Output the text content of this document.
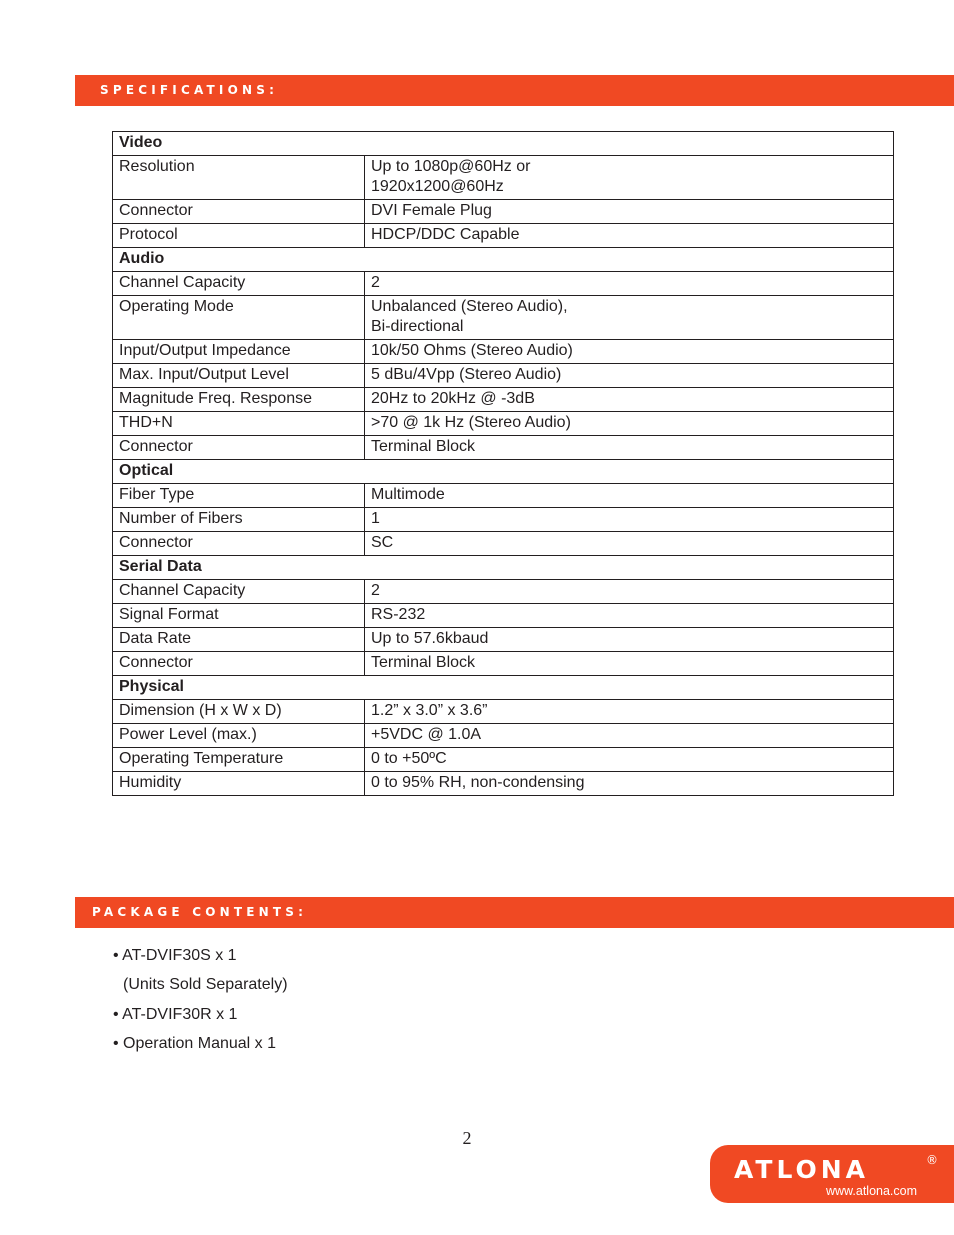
SPECIFICATIONS:
Video	
Resolution	Up to 1080p@60Hz or
1920x1200@60Hz
Connector	DVI Female Plug
Protocol	HDCP/DDC Capable
Audio	
Channel Capacity	2
Operating Mode	Unbalanced (Stereo Audio),
Bi-directional
Input/Output Impedance	10k/50 Ohms (Stereo Audio)
Max. Input/Output Level	5 dBu/4Vpp (Stereo Audio)
Magnitude Freq. Response	20Hz to 20kHz @ -3dB
THD+N	>70 @ 1k Hz (Stereo Audio)
Connector	Terminal Block
Optical	
Fiber Type	Multimode
Number of Fibers	1
Connector	SC
Serial Data	
Channel Capacity	2
Signal Format	RS-232
Data Rate	Up to 57.6kbaud
Connector	Terminal Block
Physical	
Dimension (H x W x D)	1.2” x 3.0” x 3.6”
Power Level (max.)	+5VDC @ 1.0A
Operating Temperature	0 to +50ºC
Humidity	0 to 95% RH, non-condensing
PACKAGE CONTENTS:
• AT-DVIF30S x 1
(Units Sold Separately)
• AT-DVIF30R x 1
• Operation Manual x 1
2
ATLONA	®
www.atlona.com
